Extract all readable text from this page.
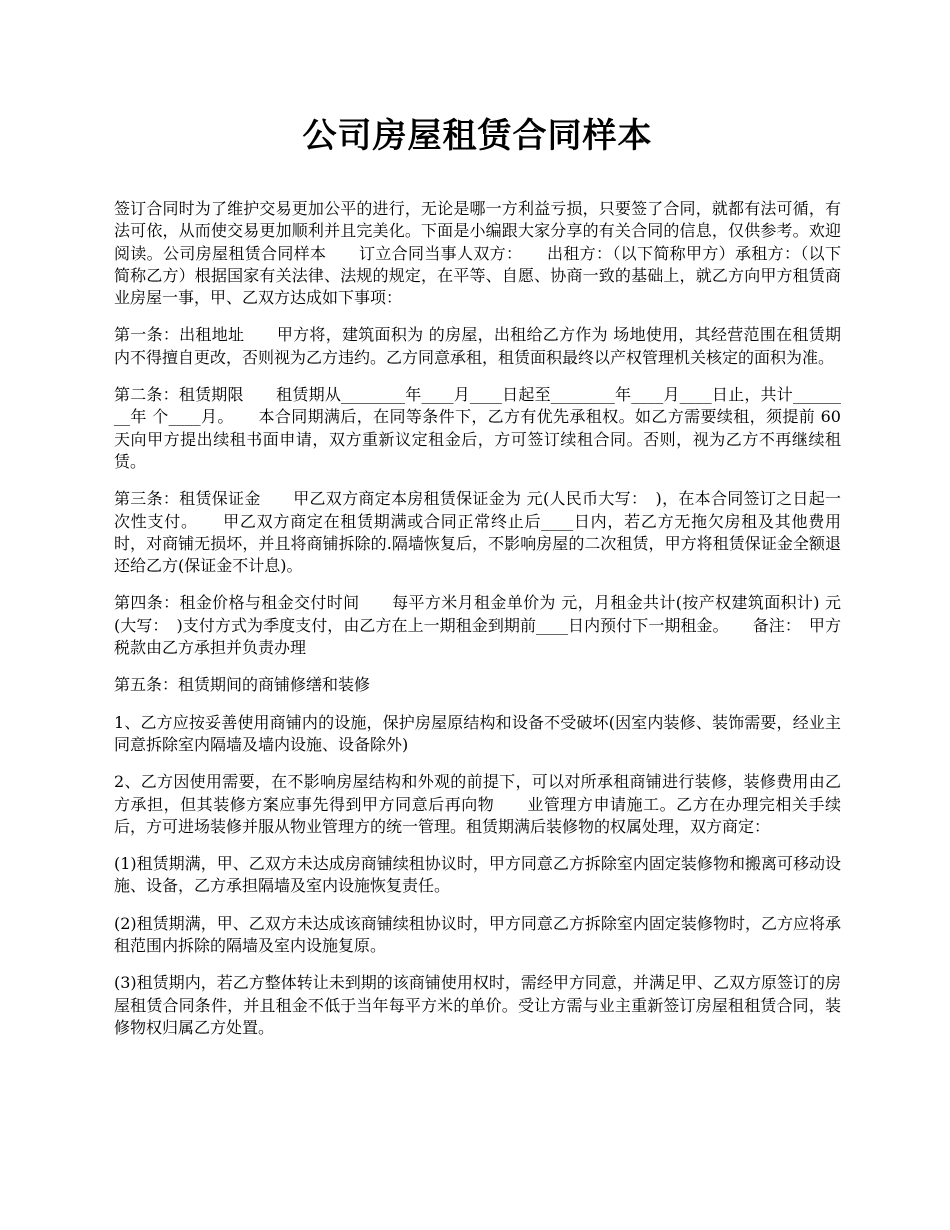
公司房屋租赁合同样本

签订合同时为了维护交易更加公平的进行，无论是哪一方利益亏损，只要签了合同，就都有法可循，有法可依，从而使交易更加顺利并且完美化。下面是小编跟大家分享的有关合同的信息，仅供参考。欢迎阅读。公司房屋租赁合同样本　　订立合同当事人双方：　　出租方：（以下简称甲方）承租方：（以下简称乙方）根据国家有关法律、法规的规定，在平等、自愿、协商一致的基础上，就乙方向甲方租赁商业房屋一事，甲、乙双方达成如下事项：

第一条：出租地址　　甲方将，建筑面积为 的房屋，出租给乙方作为 场地使用，其经营范围在租赁期内不得擅自更改，否则视为乙方违约。乙方同意承租，租赁面积最终以产权管理机关核定的面积为准。

第二条：租赁期限　　租赁期从________年____月____日起至________年____月____日止，共计________年 个____月。　　本合同期满后，在同等条件下，乙方有优先承租权。如乙方需要续租，须提前 60 天向甲方提出续租书面申请，双方重新议定租金后，方可签订续租合同。否则，视为乙方不再继续租赁。

第三条：租赁保证金　　甲乙双方商定本房租赁保证金为 元(人民币大写：　)，在本合同签订之日起一次性支付。　　甲乙双方商定在租赁期满或合同正常终止后____日内，若乙方无拖欠房租及其他费用时，对商铺无损坏，并且将商铺拆除的.隔墙恢复后，不影响房屋的二次租赁，甲方将租赁保证金全额退还给乙方(保证金不计息)。

第四条：租金价格与租金交付时间　　每平方米月租金单价为 元，月租金共计(按产权建筑面积计) 元(大写：　)支付方式为季度支付，由乙方在上一期租金到期前____日内预付下一期租金。　　备注：　甲方税款由乙方承担并负责办理

第五条：租赁期间的商铺修缮和装修

1、乙方应按妥善使用商铺内的设施，保护房屋原结构和设备不受破坏(因室内装修、装饰需要，经业主同意拆除室内隔墙及墙内设施、设备除外)

2、乙方因使用需要，在不影响房屋结构和外观的前提下，可以对所承租商铺进行装修，装修费用由乙方承担，但其装修方案应事先得到甲方同意后再向物　　业管理方申请施工。乙方在办理完相关手续后，方可进场装修并服从物业管理方的统一管理。租赁期满后装修物的权属处理，双方商定：

(1)租赁期满，甲、乙双方未达成房商铺续租协议时，甲方同意乙方拆除室内固定装修物和搬离可移动设施、设备，乙方承担隔墙及室内设施恢复责任。

(2)租赁期满，甲、乙双方未达成该商铺续租协议时，甲方同意乙方拆除室内固定装修物时，乙方应将承租范围内拆除的隔墙及室内设施复原。

(3)租赁期内，若乙方整体转让未到期的该商铺使用权时，需经甲方同意，并满足甲、乙双方原签订的房屋租赁合同条件，并且租金不低于当年每平方米的单价。受让方需与业主重新签订房屋租租赁合同，装修物权归属乙方处置。
